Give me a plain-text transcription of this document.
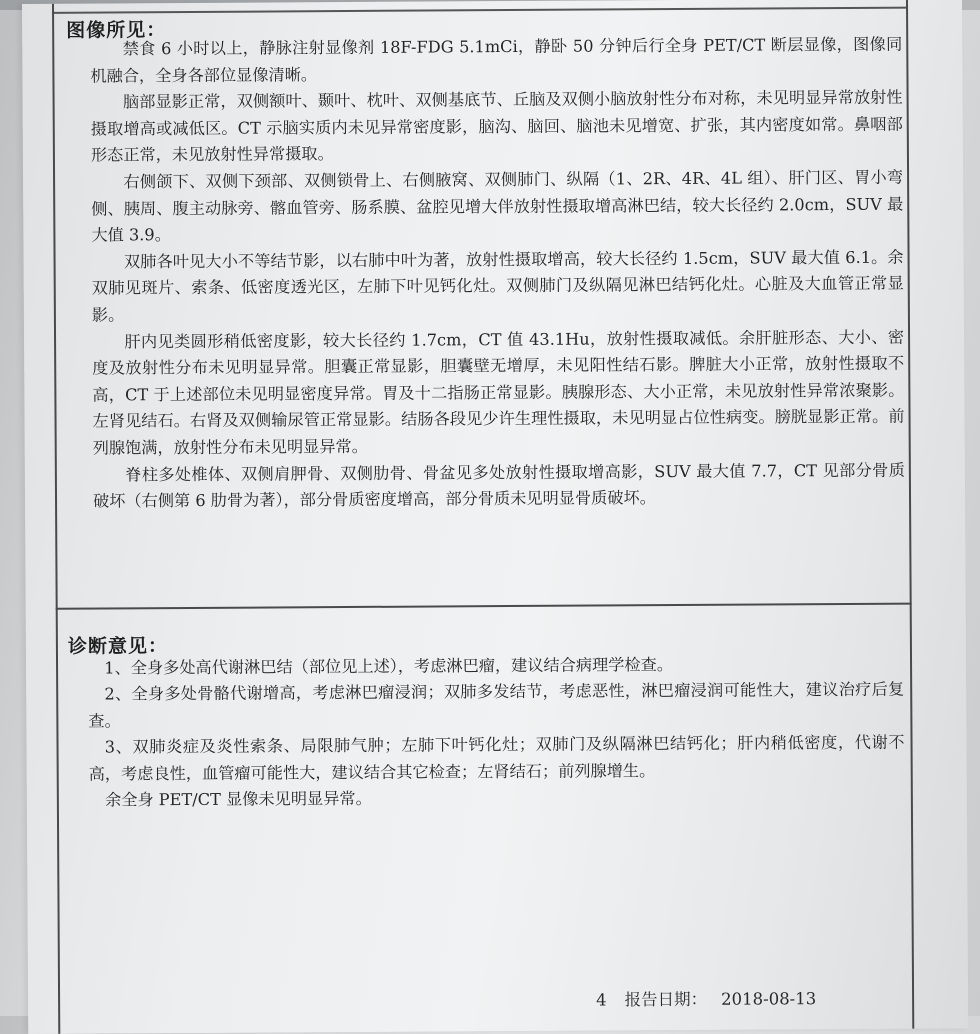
图像所见：

禁食 6 小时以上，静脉注射显像剂 18F-FDG 5.1mCi，静卧 50 分钟后行全身 PET/CT 断层显像，图像同机融合，全身各部位显像清晰。

脑部显影正常，双侧额叶、颞叶、枕叶、双侧基底节、丘脑及双侧小脑放射性分布对称，未见明显异常放射性摄取增高或减低区。CT 示脑实质内未见异常密度影，脑沟、脑回、脑池未见增宽、扩张，其内密度如常。鼻咽部形态正常，未见放射性异常摄取。

右侧颌下、双侧下颈部、双侧锁骨上、右侧腋窝、双侧肺门、纵隔（1、2R、4R、4L 组）、肝门区、胃小弯侧、胰周、腹主动脉旁、髂血管旁、肠系膜、盆腔见增大伴放射性摄取增高淋巴结，较大长径约 2.0cm，SUV 最大值 3.9。

双肺各叶见大小不等结节影，以右肺中叶为著，放射性摄取增高，较大长径约 1.5cm，SUV 最大值 6.1。余双肺见斑片、索条、低密度透光区，左肺下叶见钙化灶。双侧肺门及纵隔见淋巴结钙化灶。心脏及大血管正常显影。

肝内见类圆形稍低密度影，较大长径约 1.7cm，CT 值 43.1Hu，放射性摄取减低。余肝脏形态、大小、密度及放射性分布未见明显异常。胆囊正常显影，胆囊壁无增厚，未见阳性结石影。脾脏大小正常，放射性摄取不高，CT 于上述部位未见明显密度异常。胃及十二指肠正常显影。胰腺形态、大小正常，未见放射性异常浓聚影。左肾见结石。右肾及双侧输尿管正常显影。结肠各段见少许生理性摄取，未见明显占位性病变。膀胱显影正常。前列腺饱满，放射性分布未见明显异常。

脊柱多处椎体、双侧肩胛骨、双侧肋骨、骨盆见多处放射性摄取增高影，SUV 最大值 7.7，CT 见部分骨质破坏（右侧第 6 肋骨为著），部分骨质密度增高，部分骨质未见明显骨质破坏。

诊断意见：

1、全身多处高代谢淋巴结（部位见上述），考虑淋巴瘤，建议结合病理学检查。

2、全身多处骨骼代谢增高，考虑淋巴瘤浸润；双肺多发结节，考虑恶性，淋巴瘤浸润可能性大，建议治疗后复查。

3、双肺炎症及炎性索条、局限肺气肿；左肺下叶钙化灶；双肺门及纵隔淋巴结钙化；肝内稍低密度，代谢不高，考虑良性，血管瘤可能性大，建议结合其它检查；左肾结石；前列腺增生。

余全身 PET/CT 显像未见明显异常。

4 报告日期： 2018-08-13
